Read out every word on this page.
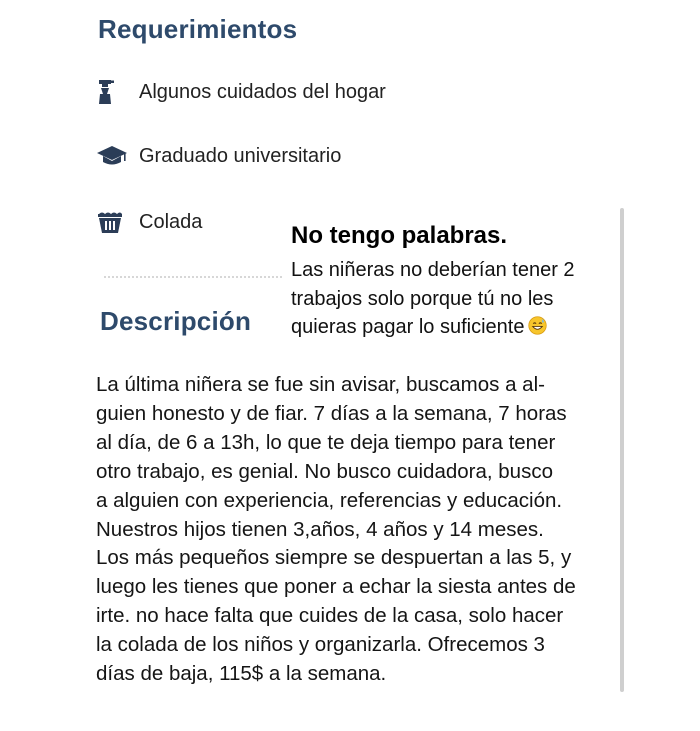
Requerimientos
Algunos cuidados del hogar
Graduado universitario
Colada
Descripción
No tengo palabras.
Las niñeras no deberían tener 2 trabajos solo porque tú no les quieras pagar lo suficiente
La última niñera se fue sin avisar, buscamos a al-
guien honesto y de fiar. 7 días a la semana, 7 horas
al día, de 6 a 13h, lo que te deja tiempo para tener
otro trabajo, es genial. No busco cuidadora, busco
a alguien con experiencia, referencias y educación.
Nuestros hijos tienen 3,años, 4 años y 14 meses.
Los más pequeños siempre se despuertan a las 5, y
luego les tienes que poner a echar la siesta antes de
irte. no hace falta que cuides de la casa, solo hacer
la colada de los niños y organizarla. Ofrecemos 3
días de baja, 115$ a la semana.
